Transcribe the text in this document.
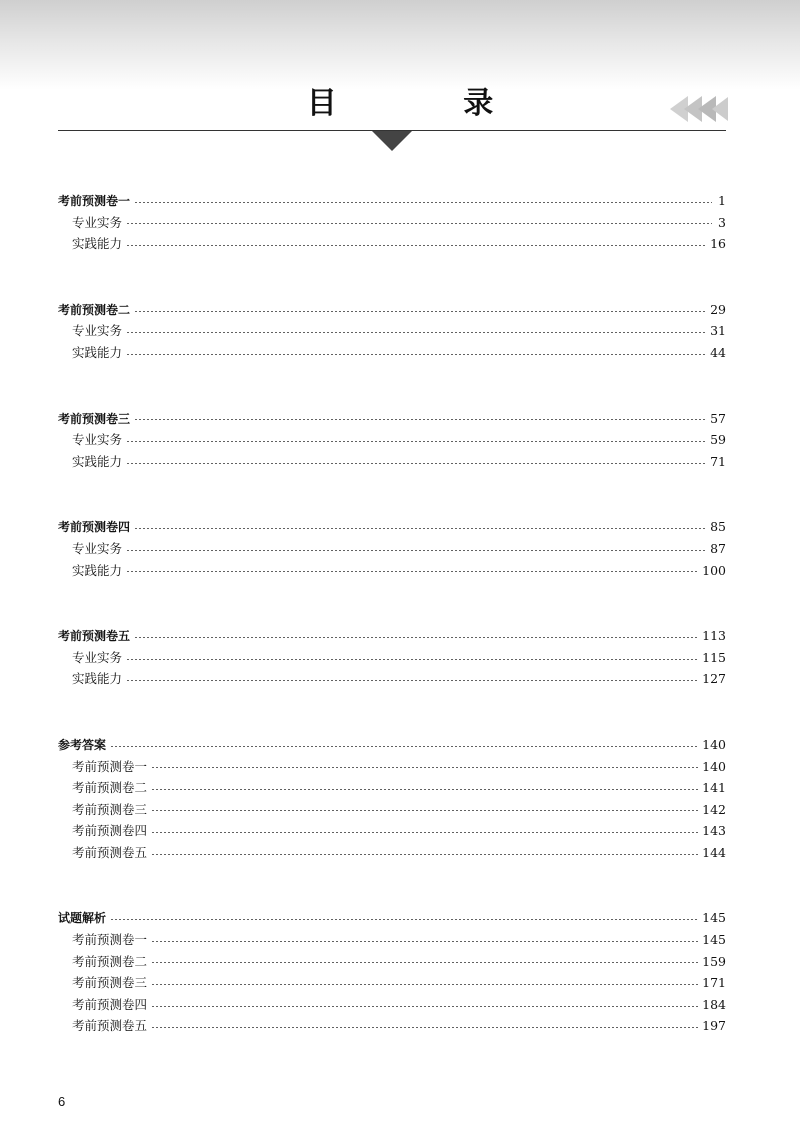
目 录
考前预测卷一	1
专业实务	3
实践能力	16
考前预测卷二	29
专业实务	31
实践能力	44
考前预测卷三	57
专业实务	59
实践能力	71
考前预测卷四	85
专业实务	87
实践能力	100
考前预测卷五	113
专业实务	115
实践能力	127
参考答案	140
考前预测卷一	140
考前预测卷二	141
考前预测卷三	142
考前预测卷四	143
考前预测卷五	144
试题解析	145
考前预测卷一	145
考前预测卷二	159
考前预测卷三	171
考前预测卷四	184
考前预测卷五	197
6
